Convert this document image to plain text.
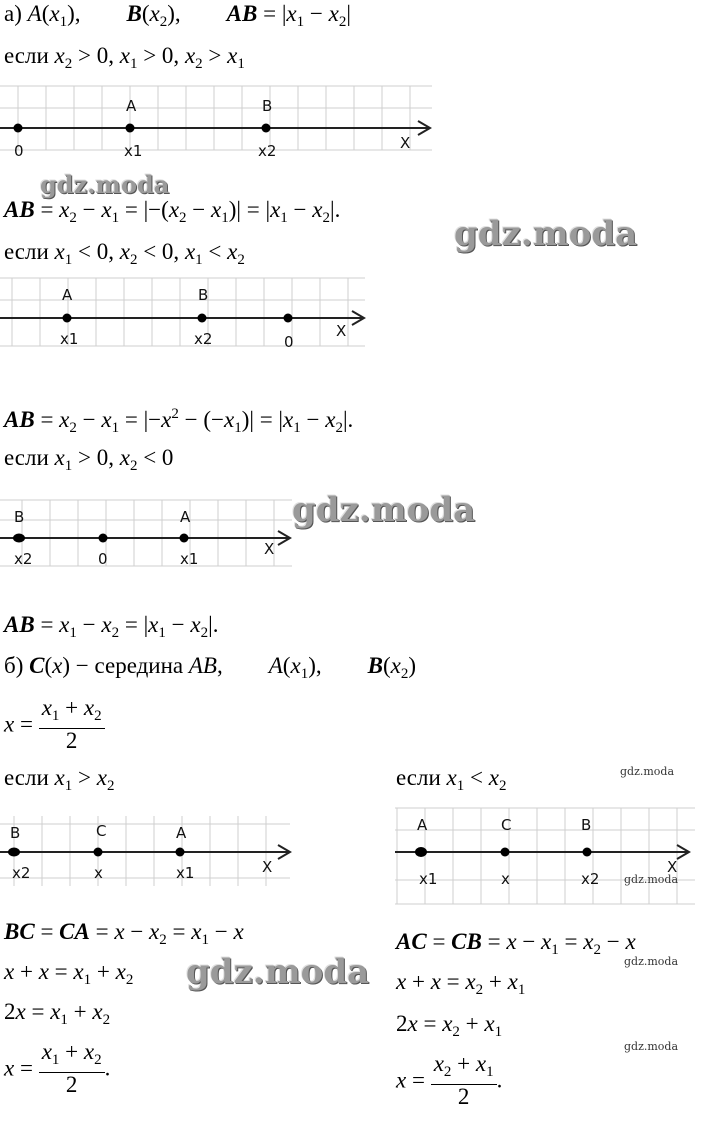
а) $A(x_1)$,        $B(x_2)$,        AB = $|x_1 - x_2|$
если $x_2 > 0$, $x_1 > 0$, $x_2 > x_1$
A	B
0	x1	x2	X
gdz.moda
AB = $x_2 - x_1 = |-(x_2 - x_1)| = |x_1 - x_2|$.
gdz.moda
если $x_1 < 0$, $x_2 < 0$, $x_1 < x_2$
A	B
x1	x2	0
X
AB = $x_2 - x_1 = |-x^2 - (-x_1)| = |x_1 - x_2|$.
если $x_1 > 0$, $x_2 < 0$
gdz.moda
B	A
x2	0	x1
X
AB = $x_1 - x_2 = |x_1 - x_2|$.
б) C(x) − середина AB,        $A(x_1)$,        $B(x_2)$
$x = \frac{x_1 + x_2}{2}$
если $x_1 > x_2$	если $x_1 < x_2$
gdz.moda
B	C	A
x2	x	x1	X
A	C	B
x1	x	x2
X
gdz.moda
BC = CA = $x - x_2 = x_1 - x$
$x + x = x_1 + x_2$ gdz.moda
$2x = x_1 + x_2$
$x = \frac{x_1 + x_2}{2}$ .
AC = CB = $x - x_1 = x_2 - x$
gdz.moda
$x + x = x_2 + x_1$
$2x = x_2 + x_1$
gdz.moda
$x = \frac{x_2 + x_1}{2}$ .
